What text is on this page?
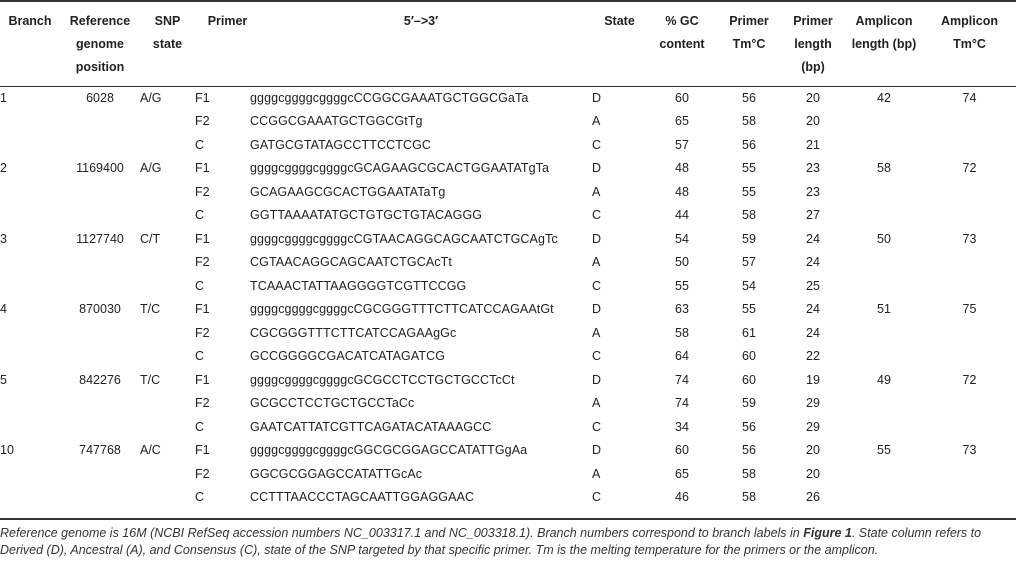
Branch	Reference genome position	SNP state	Primer	5′–>3′	State	% GC content	Primer Tm°C	Primer length (bp)	Amplicon length (bp)	Amplicon Tm°C
1	6028	A/G	F1	ggggcggggcggggcCCGGCGAAATGCTGGCGaTa	D	60	56	20	42	74
			F2	CCGGCGAAATGCTGGCGtTg	A	65	58	20		
			C	GATGCGTATAGCCTTCCTCGC	C	57	56	21		
2	1169400	A/G	F1	ggggcggggcggggcGCAGAAGCGCACTGGAATATgTa	D	48	55	23	58	72
			F2	GCAGAAGCGCACTGGAATATaTg	A	48	55	23		
			C	GGTTAAAATATGCTGTGCTGTACAGGG	C	44	58	27		
3	1127740	C/T	F1	ggggcggggcggggcCGTAACAGGCAGCAATCTGCAgTc	D	54	59	24	50	73
			F2	CGTAACAGGCAGCAATCTGCAcTt	A	50	57	24		
			C	TCAAACTATTAAGGGGTCGTTCCGG	C	55	54	25		
4	870030	T/C	F1	ggggcggggcggggcCGCGGGTTTCTTCATCCAGAAtGt	D	63	55	24	51	75
			F2	CGCGGGTTTCTTCATCCAGAAgGc	A	58	61	24		
			C	GCCGGGGCGACATCATAGATCG	C	64	60	22		
5	842276	T/C	F1	ggggcggggcggggcGCGCCTCCTGCTGCCTcCt	D	74	60	19	49	72
			F2	GCGCCTCCTGCTGCCTaCc	A	74	59	29		
			C	GAATCATTATCGTTCAGATACATAAAGCC	C	34	56	29		
10	747768	A/C	F1	ggggcggggcggggcGGCGCGGAGCCATATTGgAa	D	60	56	20	55	73
			F2	GGCGCGGAGCCATATTGcAc	A	65	58	20		
			C	CCTTTAACCCTAGCAATTGGAGGAAC	C	46	58	26		
Reference genome is 16M (NCBI RefSeq accession numbers NC_003317.1 and NC_003318.1). Branch numbers correspond to branch labels in Figure 1. State column refers to Derived (D), Ancestral (A), and Consensus (C), state of the SNP targeted by that specific primer. Tm is the melting temperature for the primers or the amplicon.
